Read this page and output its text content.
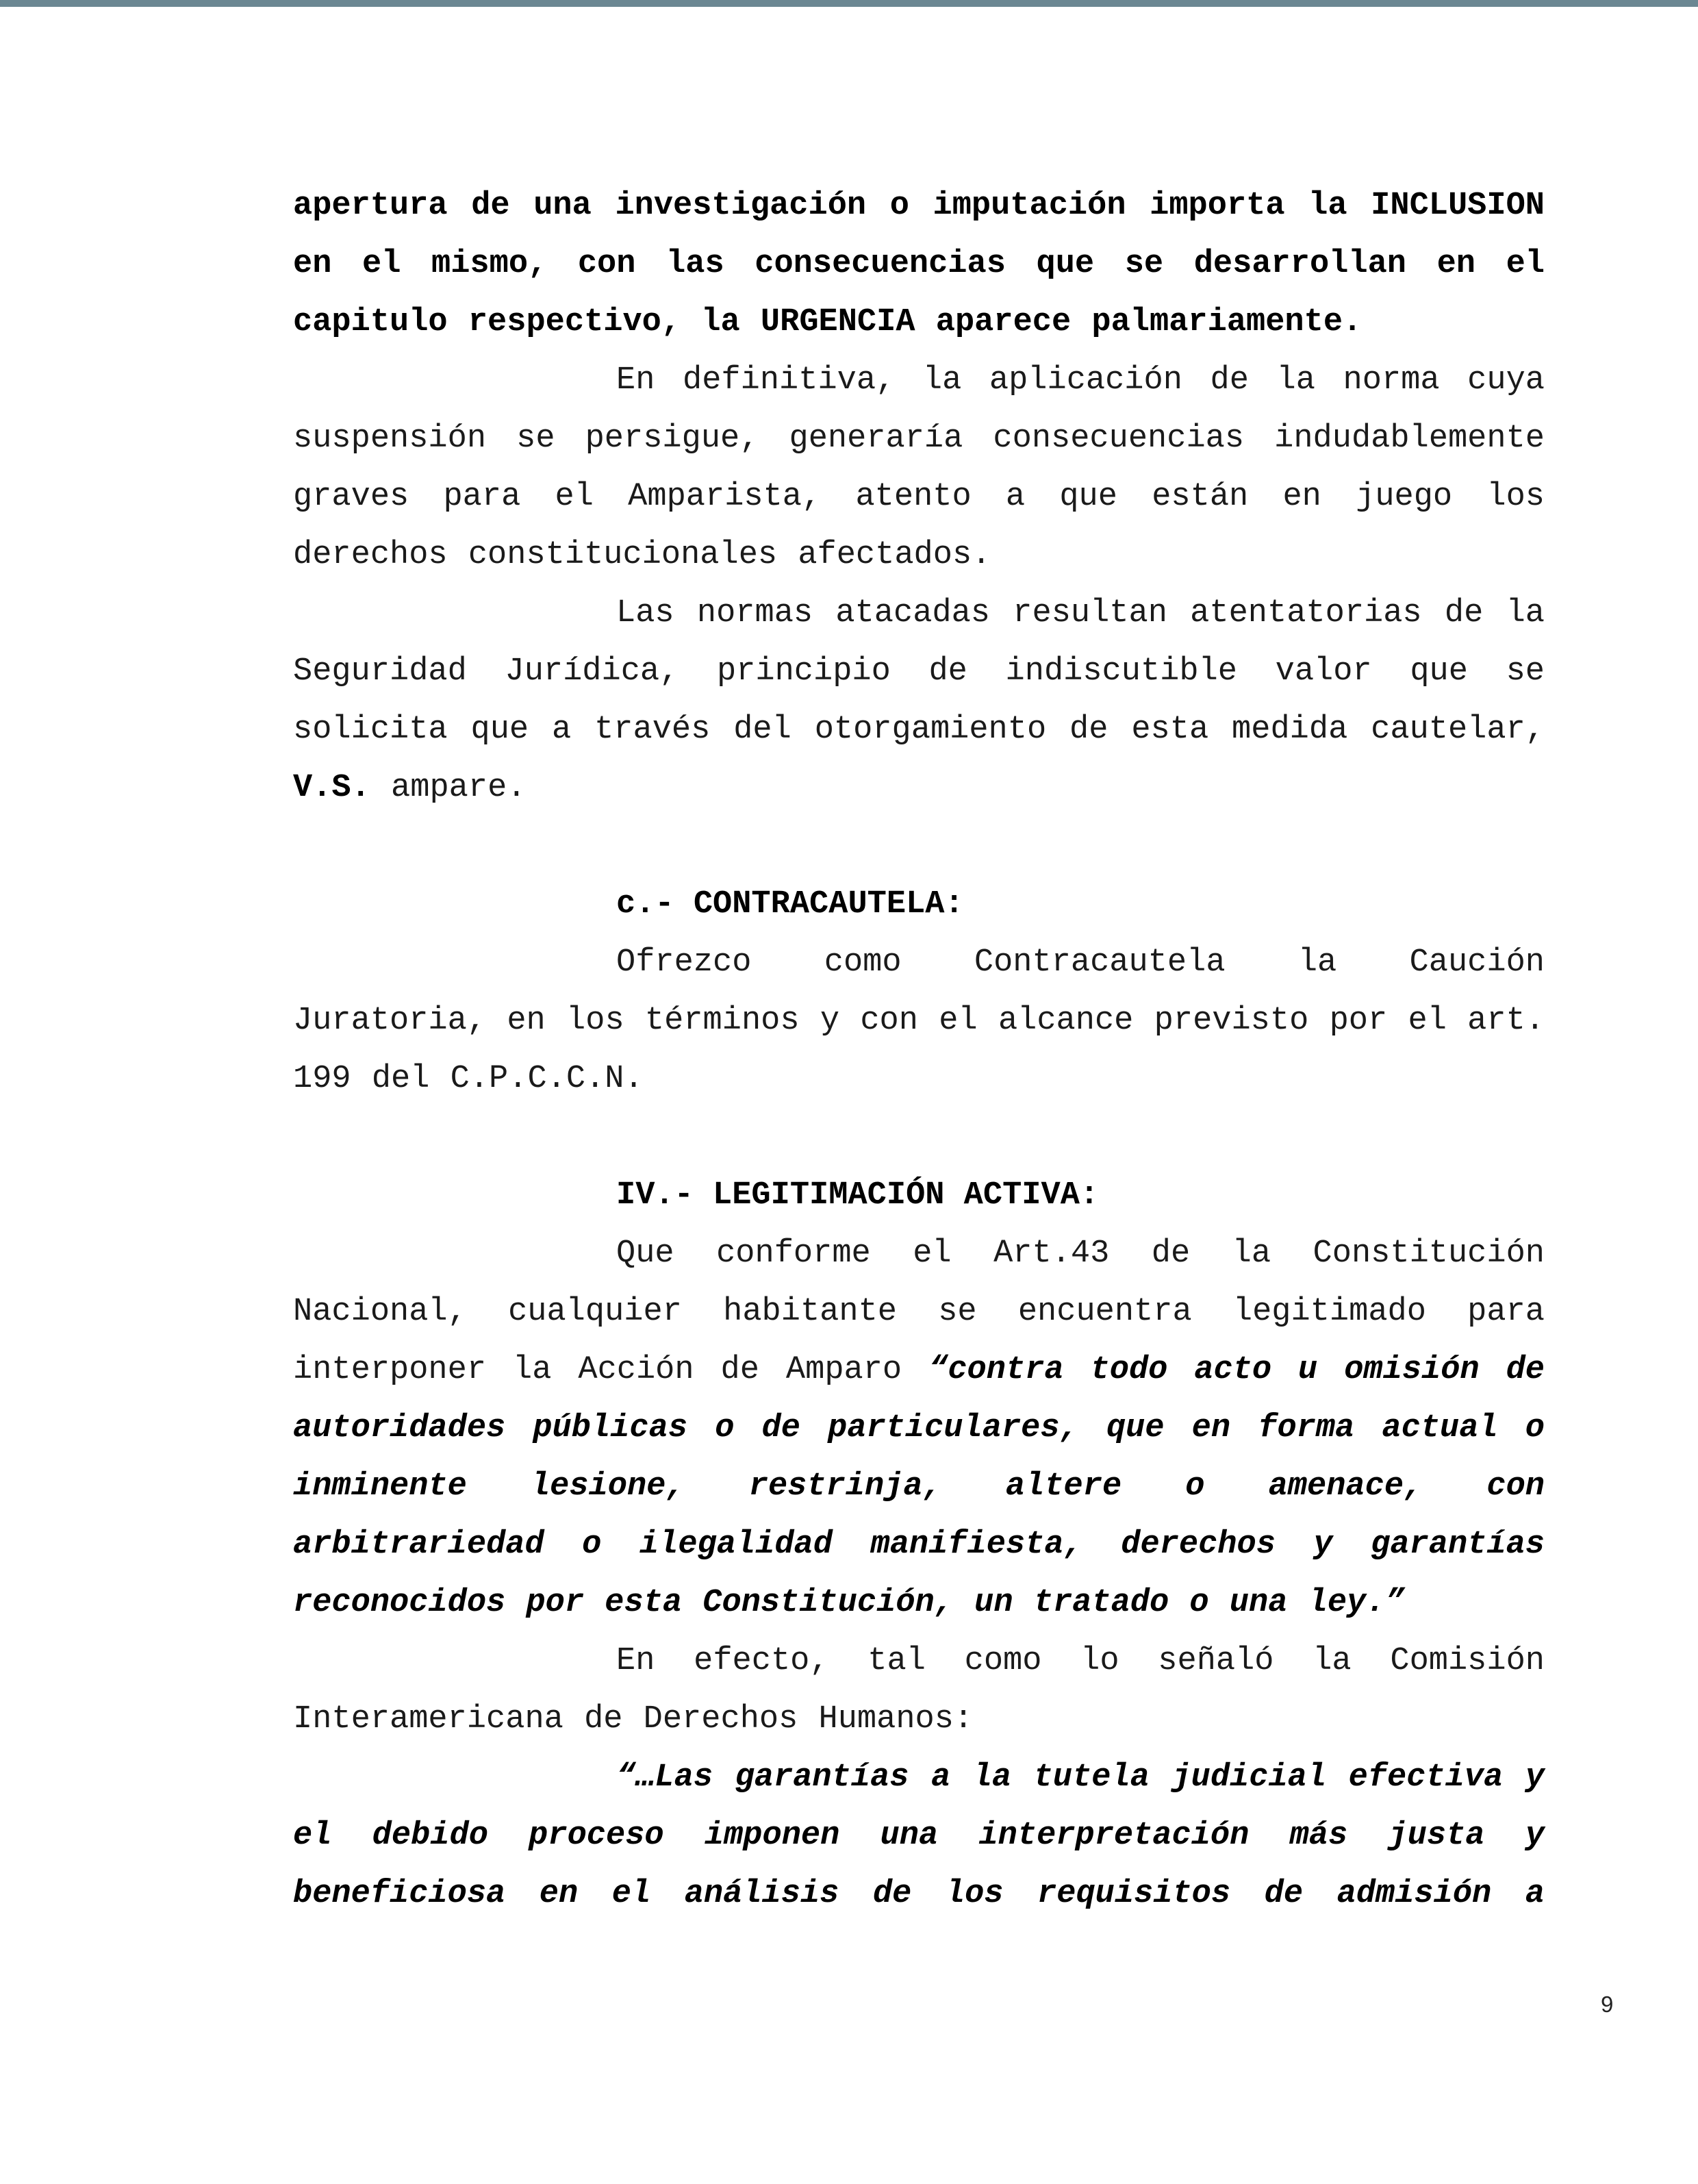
apertura de una investigación o imputación importa la INCLUSION en el mismo, con las consecuencias que se desarrollan en el capitulo respectivo, la URGENCIA aparece palmariamente.

En definitiva, la aplicación de la norma cuya suspensión se persigue, generaría consecuencias indudablemente graves para el Amparista, atento a que están en juego los derechos constitucionales afectados.

Las normas atacadas resultan atentatorias de la Seguridad Jurídica, principio de indiscutible valor que se solicita que a través del otorgamiento de esta medida cautelar, V.S. ampare.

c.- CONTRACAUTELA:

Ofrezco como Contracautela la Caución Juratoria, en los términos y con el alcance previsto por el art. 199 del C.P.C.C.N.

IV.- LEGITIMACIÓN ACTIVA:

Que conforme el Art.43 de la Constitución Nacional, cualquier habitante se encuentra legitimado para interponer la Acción de Amparo “contra todo acto u omisión de autoridades públicas o de particulares, que en forma actual o inminente lesione, restrinja, altere o amenace, con arbitrariedad o ilegalidad manifiesta, derechos y garantías reconocidos por esta Constitución, un tratado o una ley.”

En efecto, tal como lo señaló la Comisión Interamericana de Derechos Humanos:

“…Las garantías a la tutela judicial efectiva y el debido proceso imponen una interpretación más justa y beneficiosa en el análisis de los requisitos de admisión a

9
